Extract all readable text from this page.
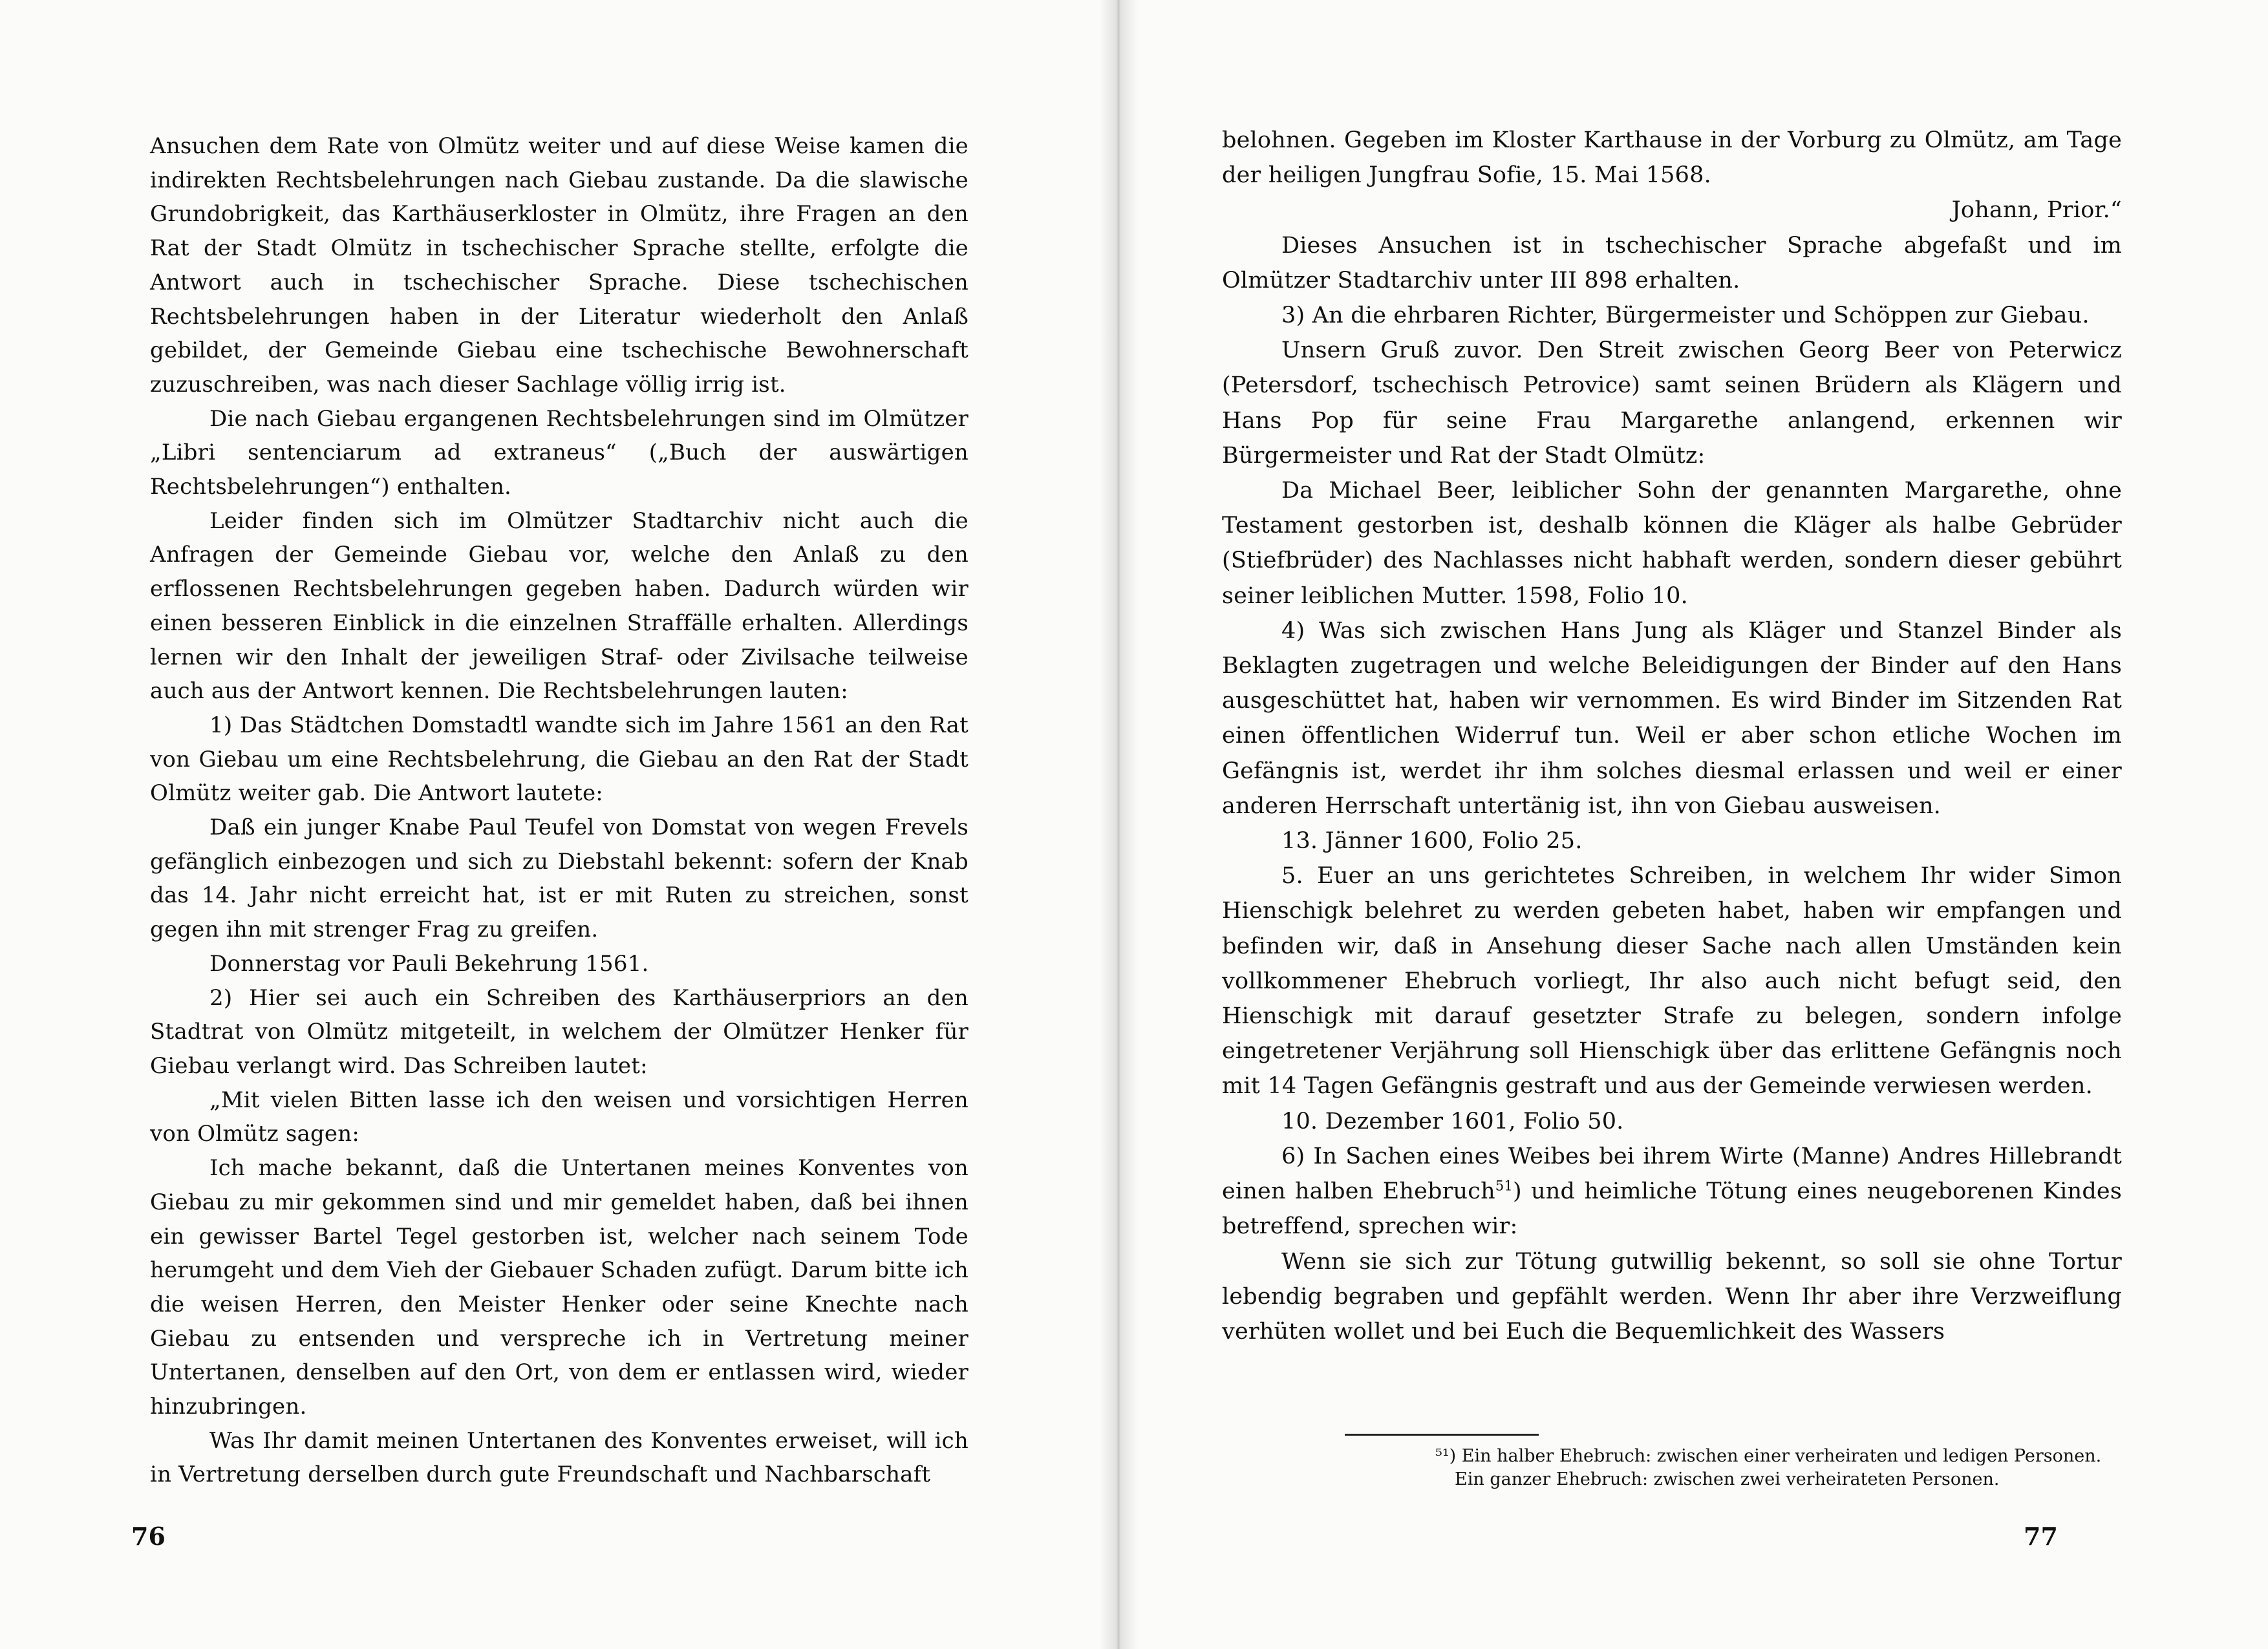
Ansuchen dem Rate von Olmütz weiter und auf diese Weise kamen die indirekten Rechtsbelehrungen nach Giebau zustande. Da die slawische Grundobrigkeit, das Karthäuserkloster in Olmütz, ihre Fragen an den Rat der Stadt Olmütz in tschechischer Sprache stellte, erfolgte die Antwort auch in tschechischer Sprache. Diese tschechischen Rechtsbelehrungen haben in der Literatur wiederholt den Anlaß gebildet, der Gemeinde Giebau eine tschechische Bewohnerschaft zuzuschreiben, was nach dieser Sachlage völlig irrig ist.

Die nach Giebau ergangenen Rechtsbelehrungen sind im Olmützer „Libri sentenciarum ad extraneus“ („Buch der auswärtigen Rechtsbelehrungen“) enthalten.

Leider finden sich im Olmützer Stadtarchiv nicht auch die Anfragen der Gemeinde Giebau vor, welche den Anlaß zu den erflossenen Rechtsbelehrungen gegeben haben. Dadurch würden wir einen besseren Einblick in die einzelnen Straffälle erhalten. Allerdings lernen wir den Inhalt der jeweiligen Straf- oder Zivilsache teilweise auch aus der Antwort kennen. Die Rechtsbelehrungen lauten:

1) Das Städtchen Domstadtl wandte sich im Jahre 1561 an den Rat von Giebau um eine Rechtsbelehrung, die Giebau an den Rat der Stadt Olmütz weiter gab. Die Antwort lautete:

Daß ein junger Knabe Paul Teufel von Domstat von wegen Frevels gefänglich einbezogen und sich zu Diebstahl bekennt: sofern der Knab das 14. Jahr nicht erreicht hat, ist er mit Ruten zu streichen, sonst gegen ihn mit strenger Frag zu greifen.

Donnerstag vor Pauli Bekehrung 1561.

2) Hier sei auch ein Schreiben des Karthäuserpriors an den Stadtrat von Olmütz mitgeteilt, in welchem der Olmützer Henker für Giebau verlangt wird. Das Schreiben lautet:

„Mit vielen Bitten lasse ich den weisen und vorsichtigen Herren von Olmütz sagen:

Ich mache bekannt, daß die Untertanen meines Konventes von Giebau zu mir gekommen sind und mir gemeldet haben, daß bei ihnen ein gewisser Bartel Tegel gestorben ist, welcher nach seinem Tode herumgeht und dem Vieh der Giebauer Schaden zufügt. Darum bitte ich die weisen Herren, den Meister Henker oder seine Knechte nach Giebau zu entsenden und verspreche ich in Vertretung meiner Untertanen, denselben auf den Ort, von dem er entlassen wird, wieder hinzubringen.

Was Ihr damit meinen Untertanen des Konventes erweiset, will ich in Vertretung derselben durch gute Freundschaft und Nachbarschaft

76

belohnen. Gegeben im Kloster Karthause in der Vorburg zu Olmütz, am Tage der heiligen Jungfrau Sofie, 15. Mai 1568.

Johann, Prior.“

Dieses Ansuchen ist in tschechischer Sprache abgefaßt und im Olmützer Stadtarchiv unter III 898 erhalten.

3) An die ehrbaren Richter, Bürgermeister und Schöppen zur Giebau.

Unsern Gruß zuvor. Den Streit zwischen Georg Beer von Peterwicz (Petersdorf, tschechisch Petrovice) samt seinen Brüdern als Klägern und Hans Pop für seine Frau Margarethe anlangend, erkennen wir Bürgermeister und Rat der Stadt Olmütz:

Da Michael Beer, leiblicher Sohn der genannten Margarethe, ohne Testament gestorben ist, deshalb können die Kläger als halbe Gebrüder (Stiefbrüder) des Nachlasses nicht habhaft werden, sondern dieser gebührt seiner leiblichen Mutter. 1598, Folio 10.

4) Was sich zwischen Hans Jung als Kläger und Stanzel Binder als Beklagten zugetragen und welche Beleidigungen der Binder auf den Hans ausgeschüttet hat, haben wir vernommen. Es wird Binder im Sitzenden Rat einen öffentlichen Widerruf tun. Weil er aber schon etliche Wochen im Gefängnis ist, werdet ihr ihm solches diesmal erlassen und weil er einer anderen Herrschaft untertänig ist, ihn von Giebau ausweisen.

13. Jänner 1600, Folio 25.

5. Euer an uns gerichtetes Schreiben, in welchem Ihr wider Simon Hienschigk belehret zu werden gebeten habet, haben wir empfangen und befinden wir, daß in Ansehung dieser Sache nach allen Umständen kein vollkommener Ehebruch vorliegt, Ihr also auch nicht befugt seid, den Hienschigk mit darauf gesetzter Strafe zu belegen, sondern infolge eingetretener Verjährung soll Hienschigk über das erlittene Gefängnis noch mit 14 Tagen Gefängnis gestraft und aus der Gemeinde verwiesen werden.

10. Dezember 1601, Folio 50.

6) In Sachen eines Weibes bei ihrem Wirte (Manne) Andres Hillebrandt einen halben Ehebruch$^{51}$) und heimliche Tötung eines neugeborenen Kindes betreffend, sprechen wir:

Wenn sie sich zur Tötung gutwillig bekennt, so soll sie ohne Tortur lebendig begraben und gepfählt werden. Wenn Ihr aber ihre Verzweiflung verhüten wollet und bei Euch die Bequemlichkeit des Wassers

⁵¹) Ein halber Ehebruch: zwischen einer verheiraten und ledigen Personen.

Ein ganzer Ehebruch: zwischen zwei verheirateten Personen.

77
